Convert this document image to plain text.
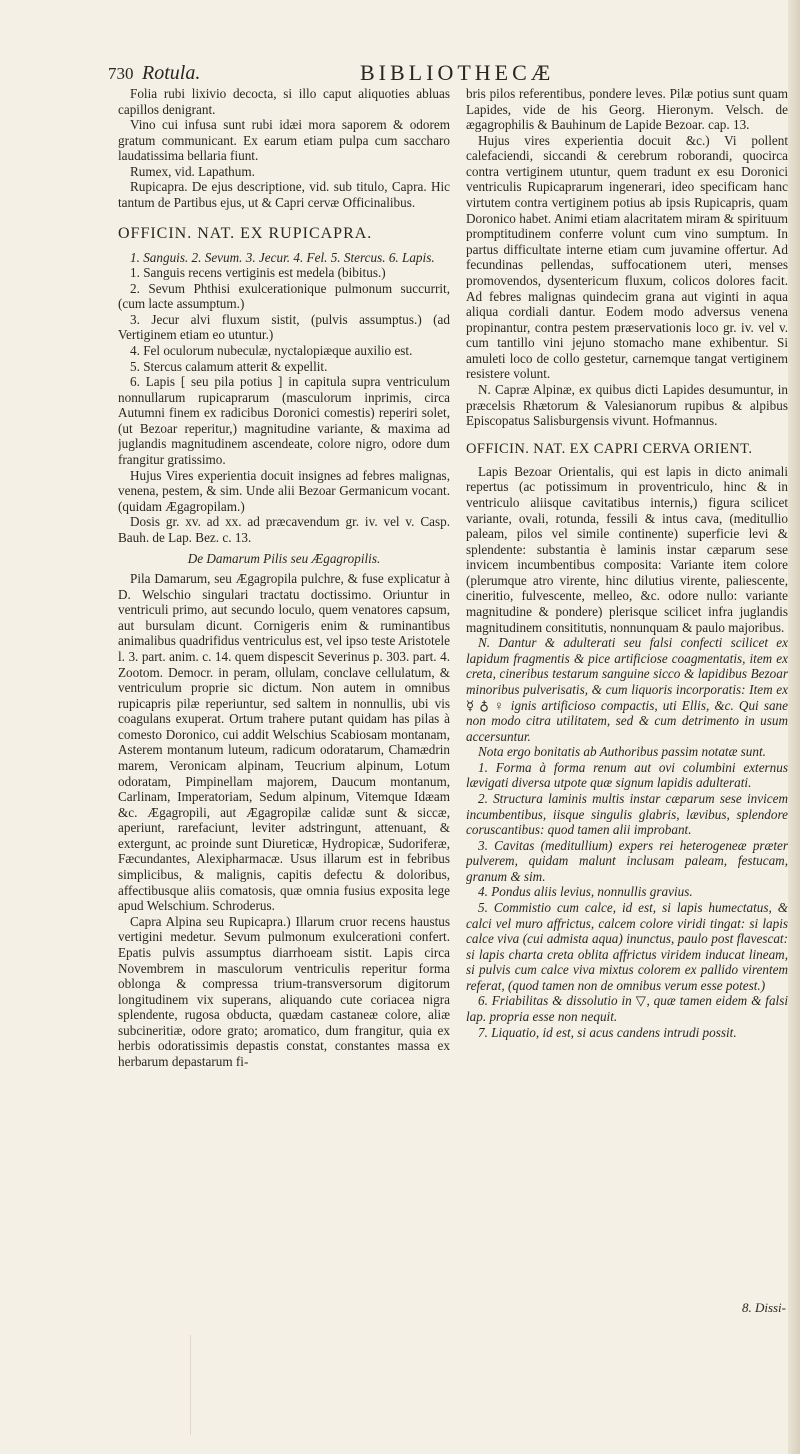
730 Rotula.	BIBLIOTHECÆ

Folia rubi lixivio decocta, si illo caput aliquoties abluas capillos denigrant.

Vino cui infusa sunt rubi idæi mora saporem & odorem gratum communicant. Ex earum etiam pulpa cum saccharo laudatissima bellaria fiunt.

Rumex, vid. Lapathum.

Rupicapra. De ejus descriptione, vid. sub titulo, Capra. Hic tantum de Partibus ejus, ut & Capri cervæ Officinalibus.

OFFICIN. NAT. EX RUPICAPRA.

1. Sanguis. 2. Sevum. 3. Jecur. 4. Fel. 5. Stercus. 6. Lapis.

1. Sanguis recens vertiginis est medela (bibitus.)

2. Sevum Phthisi exulcerationique pulmonum succurrit, (cum lacte assumptum.)

3. Jecur alvi fluxum sistit, (pulvis assumptus.) (ad Vertiginem etiam eo utuntur.)

4. Fel oculorum nubeculæ, nyctalopiæque auxilio est.

5. Stercus calamum atterit & expellit.

6. Lapis [ seu pila potius ] in capitula supra ventriculum nonnullarum rupicaprarum (masculorum inprimis, circa Autumni finem ex radicibus Doronici comestis) reperiri solet, (ut Bezoar reperitur,) magnitudine variante, & maxima ad juglandis magnitudinem ascendeate, colore nigro, odore dum frangitur gratissimo.

Hujus Vires experientia docuit insignes ad febres malignas, venena, pestem, & sim. Unde alii Bezoar Germanicum vocant. (quidam Ægagropilam.)

Dosis gr. xv. ad xx. ad præcavendum gr. iv. vel v. Casp. Bauh. de Lap. Bez. c. 13.

De Damarum Pilis seu Ægagropilis.

Pila Damarum, seu Ægagropila pulchre, & fuse explicatur à D. Welschio singulari tractatu doctissimo. Oriuntur in ventriculi primo, aut secundo loculo, quem venatores capsum, aut bursulam dicunt. Cornigeris enim & ruminantibus animalibus quadrifidus ventriculus est, vel ipso teste Aristotele l. 3. part. anim. c. 14. quem dispescit Severinus p. 303. part. 4. Zootom. Democr. in peram, ollulam, conclave cellulatum, & ventriculum proprie sic dictum. Non autem in omnibus rupicapris pilæ reperiuntur, sed saltem in nonnullis, ubi vis coagulans exuperat. Ortum trahere putant quidam has pilas à comesto Doronico, cui addit Welschius Scabiosam montanam, Asterem montanum luteum, radicum odoratarum, Chamædrin marem, Veronicam alpinam, Teucrium alpinum, Lotum odoratam, Pimpinellam majorem, Daucum montanum, Carlinam, Imperatoriam, Sedum alpinum, Vitemque Idæam &c. Ægagropili, aut Ægagropilæ calidæ sunt & siccæ, aperiunt, rarefaciunt, leviter adstringunt, attenuant, & extergunt, ac proinde sunt Diureticæ, Hydropicæ, Sudoriferæ, Fæcundantes, Alexipharmacæ. Usus illarum est in febribus simplicibus, & malignis, capitis defectu & doloribus, affectibusque aliis comatosis, quæ omnia fusius exposita lege apud Welschium. Schroderus.

Capra Alpina seu Rupicapra.) Illarum cruor recens haustus vertigini medetur. Sevum pulmonum exulcerationi confert. Epatis pulvis assumptus diarrhoeam sistit. Lapis circa Novembrem in masculorum ventriculis reperitur forma oblonga & compressa trium-transversorum digitorum longitudinem vix superans, aliquando cute coriacea nigra splendente, rugosa obducta, quædam castaneæ colore, aliæ subcineritiæ, odore grato; aromatico, dum frangitur, quia ex herbis odoratissimis depastis constat, constantes massa ex herbarum depastarum fi-

bris pilos referentibus, pondere leves. Pilæ potius sunt quam Lapides, vide de his Georg. Hieronym. Velsch. de ægagrophilis & Bauhinum de Lapide Bezoar. cap. 13.

Hujus vires experientia docuit &c.) Vi pollent calefaciendi, siccandi & cerebrum roborandi, quocirca contra vertiginem utuntur, quem tradunt ex esu Doronici ventriculis Rupicaprarum ingenerari, ideo specificam hanc virtutem contra vertiginem potius ab ipsis Rupicapris, quam Doronico habet. Animi etiam alacritatem miram & spirituum promptitudinem conferre volunt cum vino sumptum. In partus difficultate interne etiam cum juvamine offertur. Ad fecundinas pellendas, suffocationem uteri, menses promovendos, dysentericum fluxum, colicos dolores facit. Ad febres malignas quindecim grana aut viginti in aqua aliqua cordiali dantur. Eodem modo adversus venena propinantur, contra pestem præservationis loco gr. iv. vel v. cum tantillo vini jejuno stomacho mane exhibentur. Si amuleti loco de collo gestetur, carnemque tangat vertiginem resistere volunt.

N. Capræ Alpinæ, ex quibus dicti Lapides desumuntur, in præcelsis Rhætorum & Valesianorum rupibus & alpibus Episcopatus Salisburgensis vivunt. Hofmannus.

OFFICIN. NAT. EX CAPRI CERVA ORIENT.

Lapis Bezoar Orientalis, qui est lapis in dicto animali repertus (ac potissimum in proventriculo, hinc & in ventriculo aliisque cavitatibus internis,) figura scilicet variante, ovali, rotunda, fessili & intus cava, (meditullio paleam, pilos vel simile continente) superficie levi & splendente: substantia è laminis instar cæparum sese invicem incumbentibus composita: Variante item colore (plerumque atro virente, hinc dilutius virente, paliescente, cineritio, fulvescente, melleo, &c. odore nullo: variante magnitudine & pondere) plerisque scilicet infra juglandis magnitudinem consititutis, nonnunquam & paulo majoribus.

N. Dantur & adulterati seu falsi confecti scilicet ex lapidum fragmentis & pice artificiose coagmentatis, item ex creta, cineribus testarum sanguine sicco & lapidibus Bezoar minoribus pulverisatis, & cum liquoris incorporatis: Item ex ☿ ♁ ♀ ignis artificioso compactis, uti Ellis, &c. Qui sane non modo citra utilitatem, sed & cum detrimento in usum accersuntur.

Nota ergo bonitatis ab Authoribus passim notatæ sunt.

1. Forma à forma renum aut ovi columbini externus lævigati diversa utpote quæ signum lapidis adulterati.

2. Structura laminis multis instar cæparum sese invicem incumbentibus, iisque singulis glabris, lævibus, splendore coruscantibus: quod tamen alii improbant.

3. Cavitas (meditullium) expers rei heterogeneæ præter pulverem, quidam malunt inclusam paleam, festucam, granum & sim.

4. Pondus aliis levius, nonnullis gravius.

5. Commistio cum calce, id est, si lapis humectatus, & calci vel muro affrictus, calcem colore viridi tingat: si lapis calce viva (cui admista aqua) inunctus, paulo post flavescat: si lapis charta creta oblita affrictus viridem inducat lineam, si pulvis cum calce viva mixtus colorem ex pallido virentem referat, (quod tamen non de omnibus verum esse potest.)

6. Friabilitas & dissolutio in ▽, quæ tamen eidem & falsi lap. propria esse non nequit.

7. Liquatio, id est, si acus candens intrudi possit.

8. Dissi-
